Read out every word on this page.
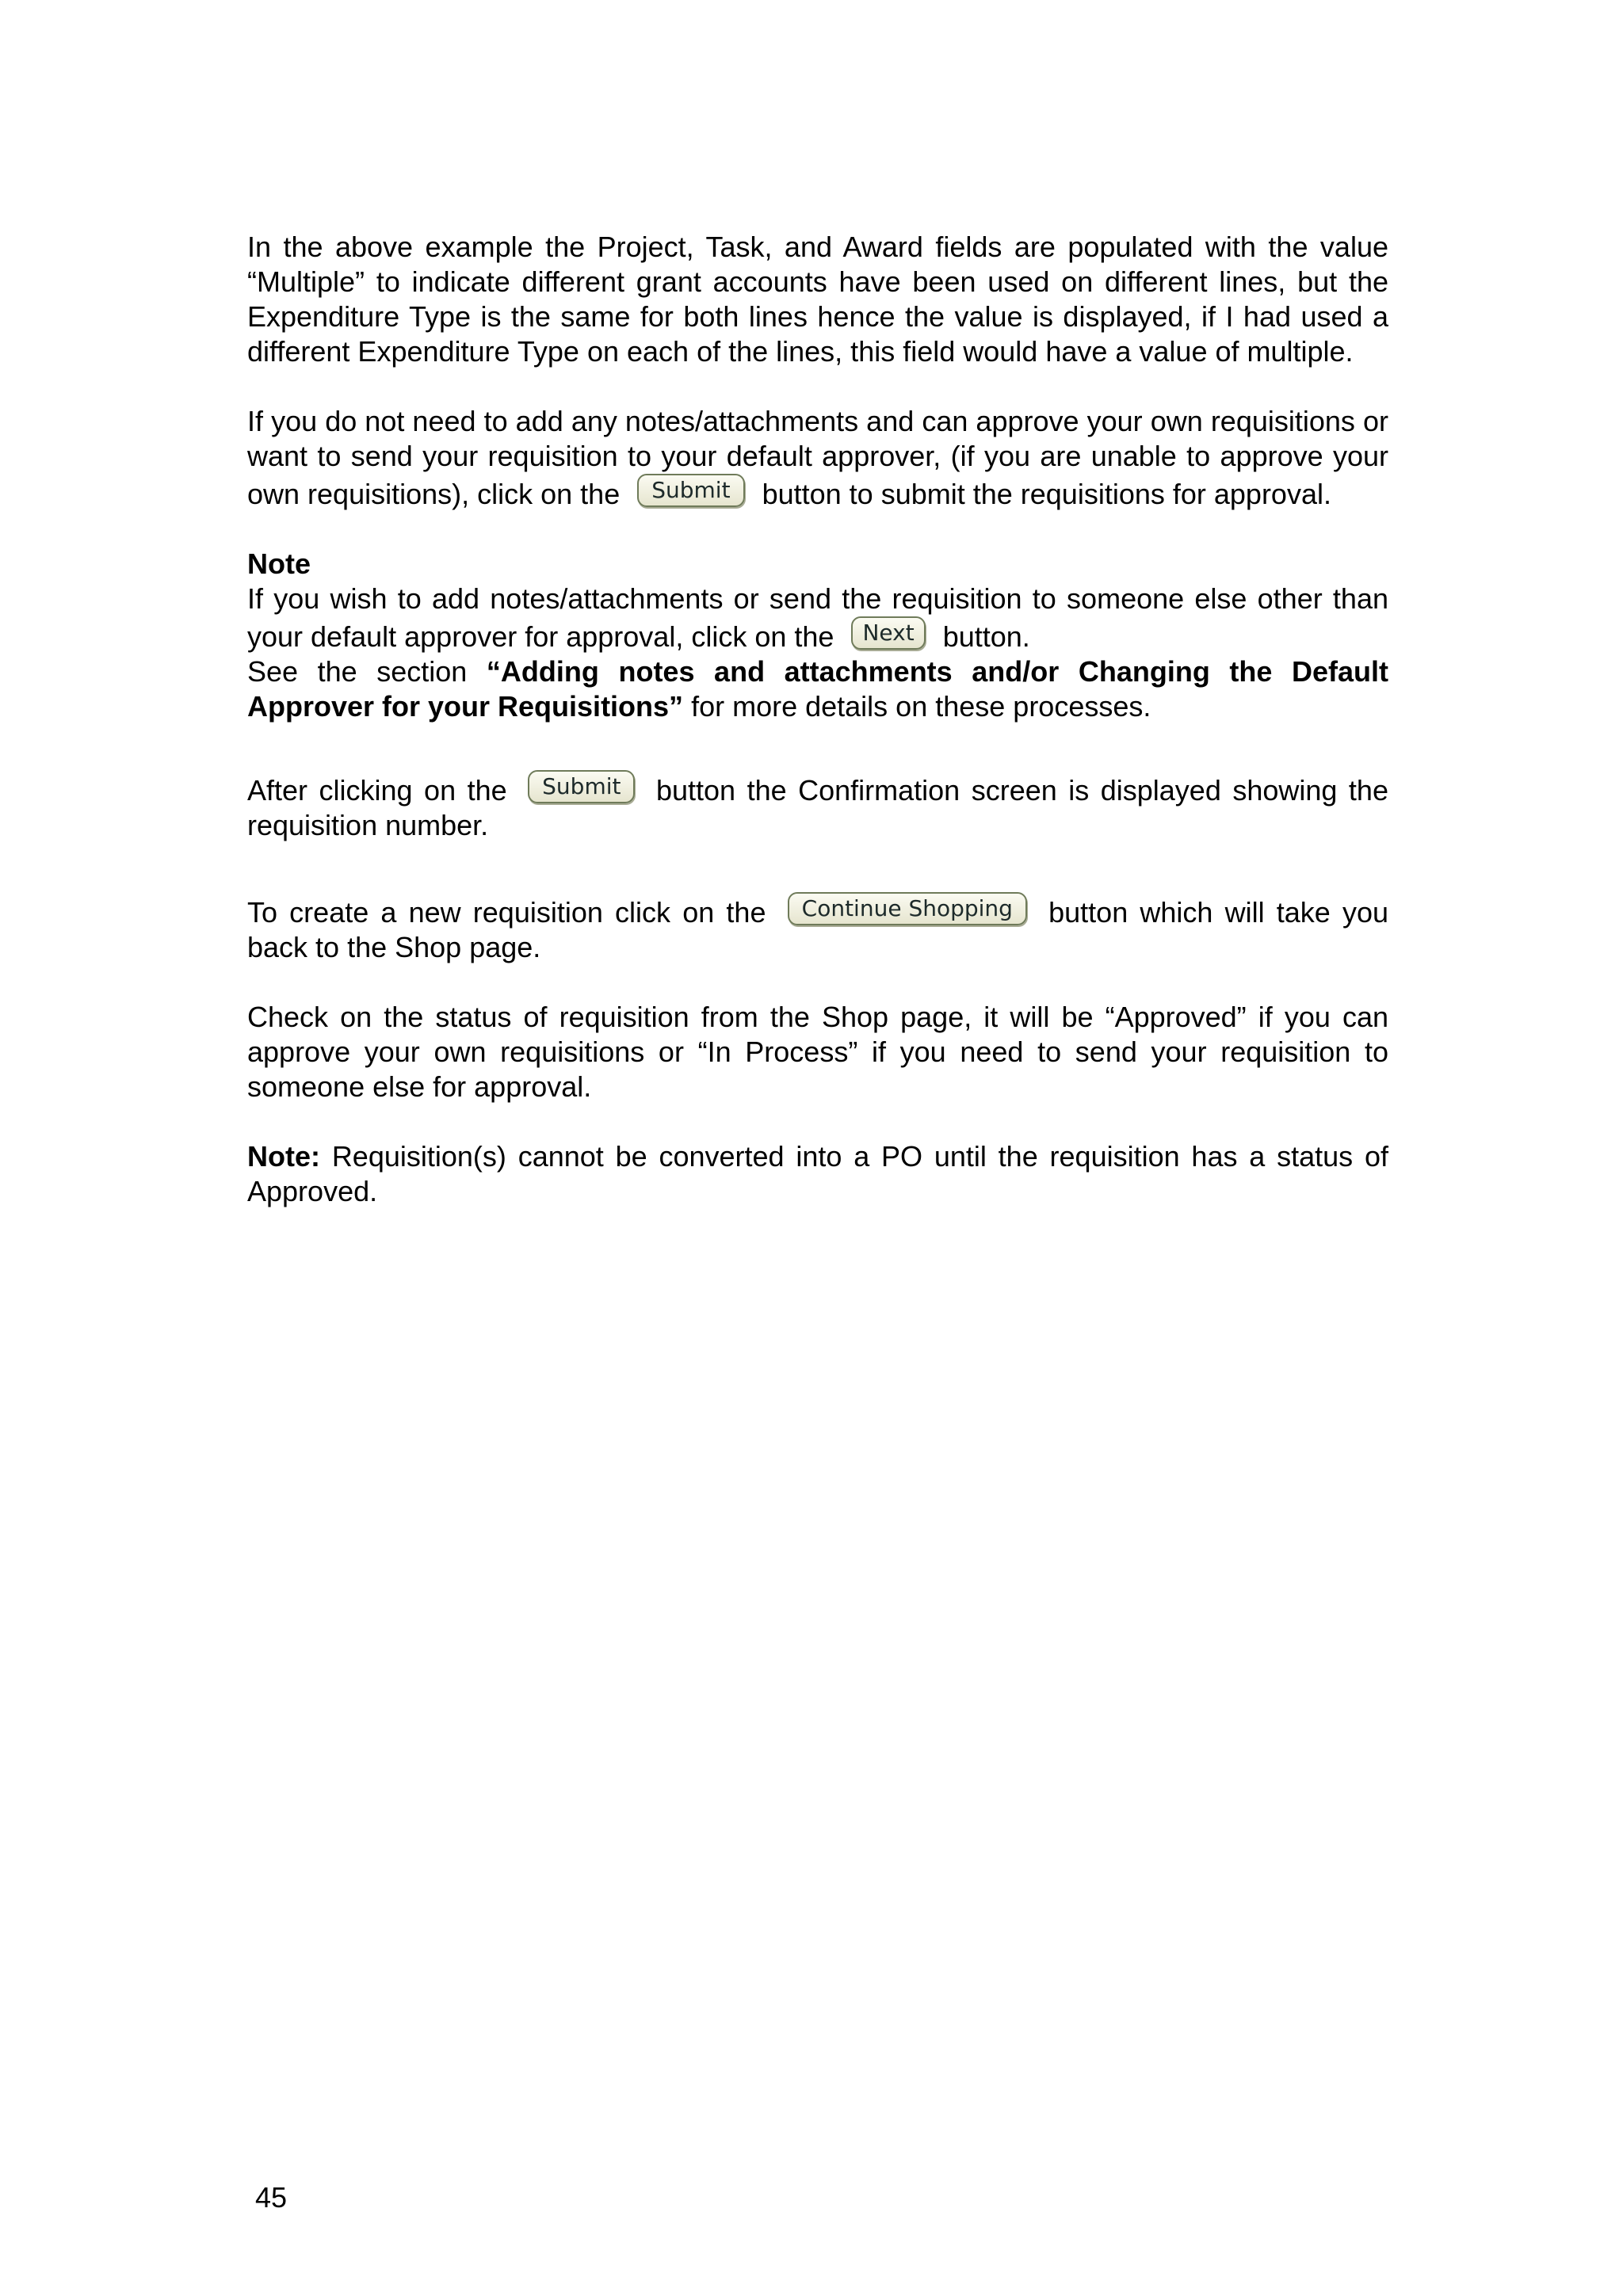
In the above example the Project, Task, and Award fields are populated with the value “Multiple” to indicate different grant accounts have been used on different lines, but the Expenditure Type is the same for both lines hence the value is displayed, if I had used a different Expenditure Type on each of the lines, this field would have a value of multiple.

If you do not need to add any notes/attachments and can approve your own requisitions or want to send your requisition to your default approver, (if you are unable to approve your own requisitions), click on the Submit button to submit the requisitions for approval.

Note

If you wish to add notes/attachments or send the requisition to someone else other than your default approver for approval, click on the Next button.

See the section “Adding notes and attachments and/or Changing the Default Approver for your Requisitions” for more details on these processes.

After clicking on the Submit button the Confirmation screen is displayed showing the requisition number.

To create a new requisition click on the Continue Shopping button which will take you back to the Shop page.

Check on the status of requisition from the Shop page, it will be “Approved” if you can approve your own requisitions or “In Process” if you need to send your requisition to someone else for approval.

Note: Requisition(s) cannot be converted into a PO until the requisition has a status of Approved.

45
